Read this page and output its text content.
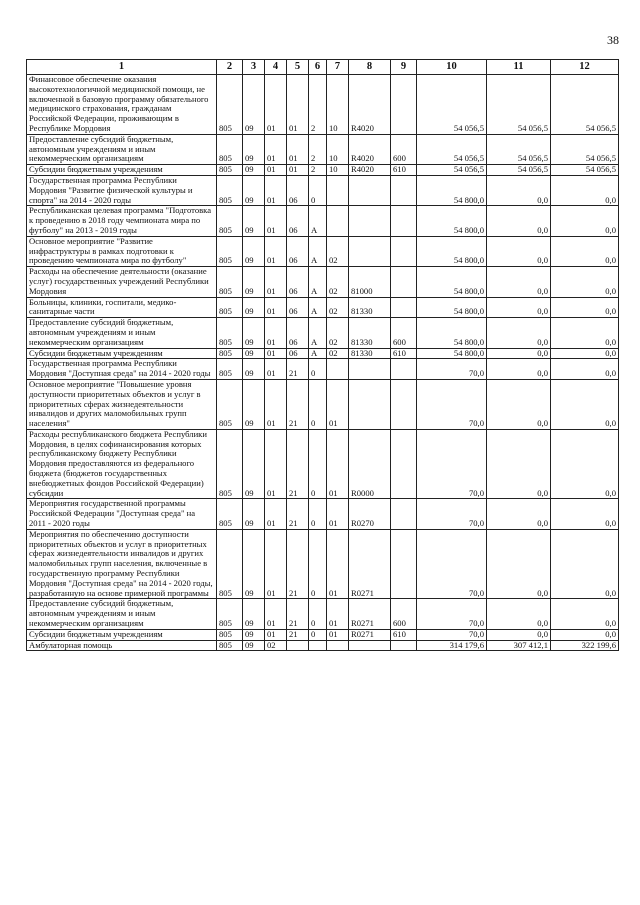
38
1	2	3	4	5	6	7	8	9	10	11	12
Финансовое обеспечение оказания высокотехнологичной медицинской помощи, не включенной в базовую программу обязательного медицинского страхования, гражданам Российской Федерации, проживающим в Республике Мордовия	805	09	01	01	2	10	R4020		54 056,5	54 056,5	54 056,5
Предоставление субсидий бюджетным, автономным учреждениям и иным некоммерческим организациям	805	09	01	01	2	10	R4020	600	54 056,5	54 056,5	54 056,5
Субсидии бюджетным учреждениям	805	09	01	01	2	10	R4020	610	54 056,5	54 056,5	54 056,5
Государственная программа Республики Мордовия "Развитие физической культуры и спорта" на 2014 - 2020 годы	805	09	01	06	0				54 800,0	0,0	0,0
Республиканская целевая программа "Подготовка к проведению в 2018 году чемпионата мира по футболу" на 2013 - 2019 годы	805	09	01	06	А				54 800,0	0,0	0,0
Основное мероприятие "Развитие инфраструктуры в рамках подготовки к проведению чемпионата мира по футболу"	805	09	01	06	А	02			54 800,0	0,0	0,0
Расходы на обеспечение деятельности (оказание услуг) государственных учреждений Республики Мордовия	805	09	01	06	А	02	81000		54 800,0	0,0	0,0
Больницы, клиники, госпитали, медико-санитарные части	805	09	01	06	А	02	81330		54 800,0	0,0	0,0
Предоставление субсидий бюджетным, автономным учреждениям и иным некоммерческим организациям	805	09	01	06	А	02	81330	600	54 800,0	0,0	0,0
Субсидии бюджетным учреждениям	805	09	01	06	А	02	81330	610	54 800,0	0,0	0,0
Государственная программа Республики Мордовия "Доступная среда" на 2014 - 2020 годы	805	09	01	21	0				70,0	0,0	0,0
Основное мероприятие "Повышение уровня доступности приоритетных объектов и услуг в приоритетных сферах жизнедеятельности инвалидов и других маломобильных групп населения"	805	09	01	21	0	01			70,0	0,0	0,0
Расходы республиканского бюджета Республики Мордовия, в целях софинансирования которых республиканскому бюджету Республики Мордовия предоставляются из федерального бюджета (бюджетов государственных внебюджетных фондов Российской Федерации) субсидии	805	09	01	21	0	01	R0000		70,0	0,0	0,0
Мероприятия государственной программы Российской Федерации "Доступная среда" на 2011 - 2020 годы	805	09	01	21	0	01	R0270		70,0	0,0	0,0
Мероприятия по обеспечению доступности приоритетных объектов и услуг в приоритетных сферах жизнедеятельности инвалидов и других маломобильных групп населения, включенные в государственную программу Республики Мордовия "Доступная среда" на 2014 - 2020 годы, разработанную на основе примерной программы	805	09	01	21	0	01	R0271		70,0	0,0	0,0
Предоставление субсидий бюджетным, автономным учреждениям и иным некоммерческим организациям	805	09	01	21	0	01	R0271	600	70,0	0,0	0,0
Субсидии бюджетным учреждениям	805	09	01	21	0	01	R0271	610	70,0	0,0	0,0
Амбулаторная помощь	805	09	02						314 179,6	307 412,1	322 199,6
